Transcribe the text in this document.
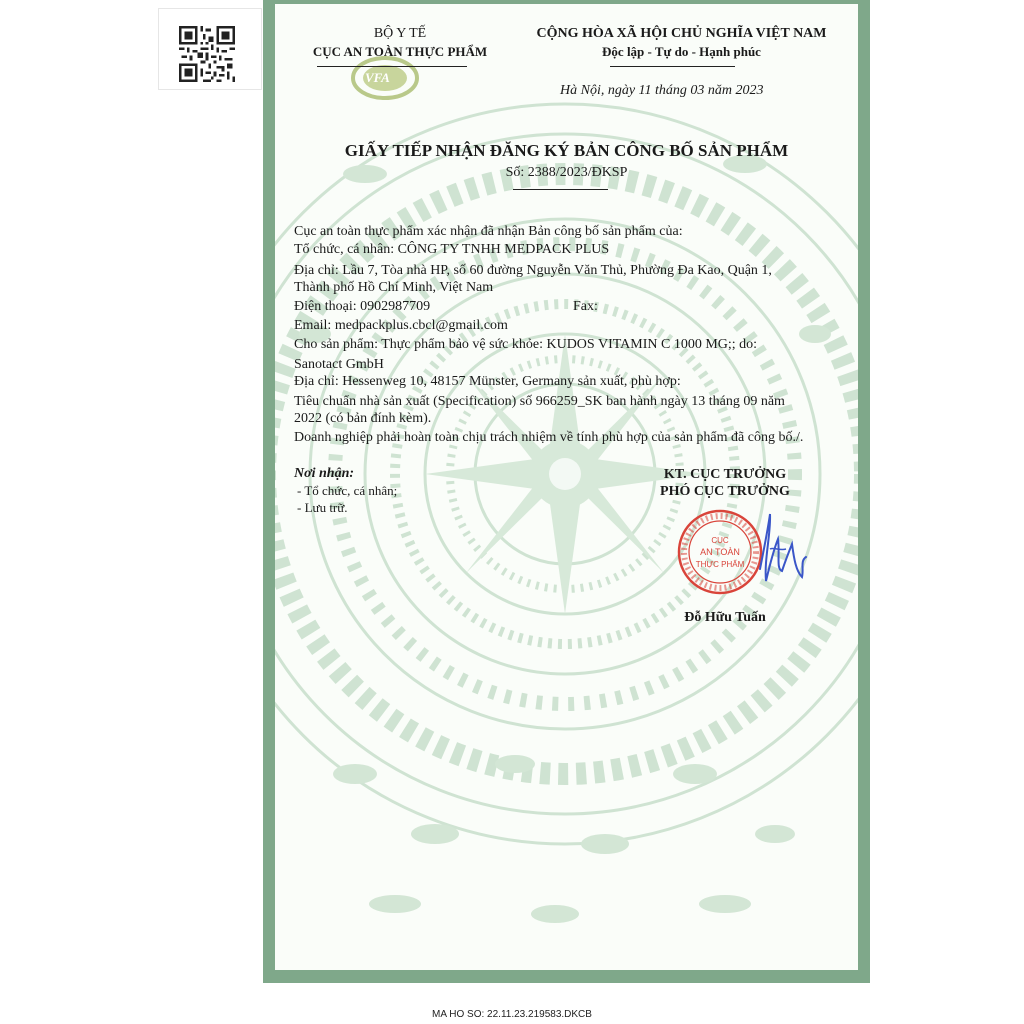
VFA
BỘ Y TẾ
CỤC AN TOÀN THỰC PHẨM
CỘNG HÒA XÃ HỘI CHỦ NGHĨA VIỆT NAM
Độc lập - Tự do - Hạnh phúc
Hà Nội, ngày 11 tháng 03 năm 2023
GIẤY TIẾP NHẬN ĐĂNG KÝ BẢN CÔNG BỐ SẢN PHẨM
Số: 2388/2023/ĐKSP
Cục an toàn thực phẩm xác nhận đã nhận Bản công bố sản phẩm của:
Tổ chức, cá nhân: CÔNG TY TNHH MEDPACK PLUS
Địa chỉ: Lầu 7, Tòa nhà HP, số 60 đường Nguyễn Văn Thủ, Phường Đa Kao, Quận 1,
Thành phố Hồ Chí Minh, Việt Nam
Điện thoại: 0902987709	Fax:
Email: medpackplus.cbcl@gmail.com
Cho sản phẩm: Thực phẩm bảo vệ sức khỏe: KUDOS VITAMIN C 1000 MG;; do:
Sanotact GmbH
Địa chỉ: Hessenweg 10, 48157 Münster, Germany sản xuất, phù hợp:
Tiêu chuẩn nhà sản xuất (Specification) số 966259_SK ban hành ngày 13 tháng 09 năm
2022 (có bản đính kèm).
Doanh nghiệp phải hoàn toàn chịu trách nhiệm về tính phù hợp của sản phẩm đã công bố./.
Nơi nhận:
- Tổ chức, cá nhân;
- Lưu trữ.
KT. CỤC TRƯỞNG
PHÓ CỤC TRƯỞNG
CỤC
AN TOÀN
THỰC PHẨM
Đỗ Hữu Tuấn
MA HO SO: 22.11.23.219583.DKCB
